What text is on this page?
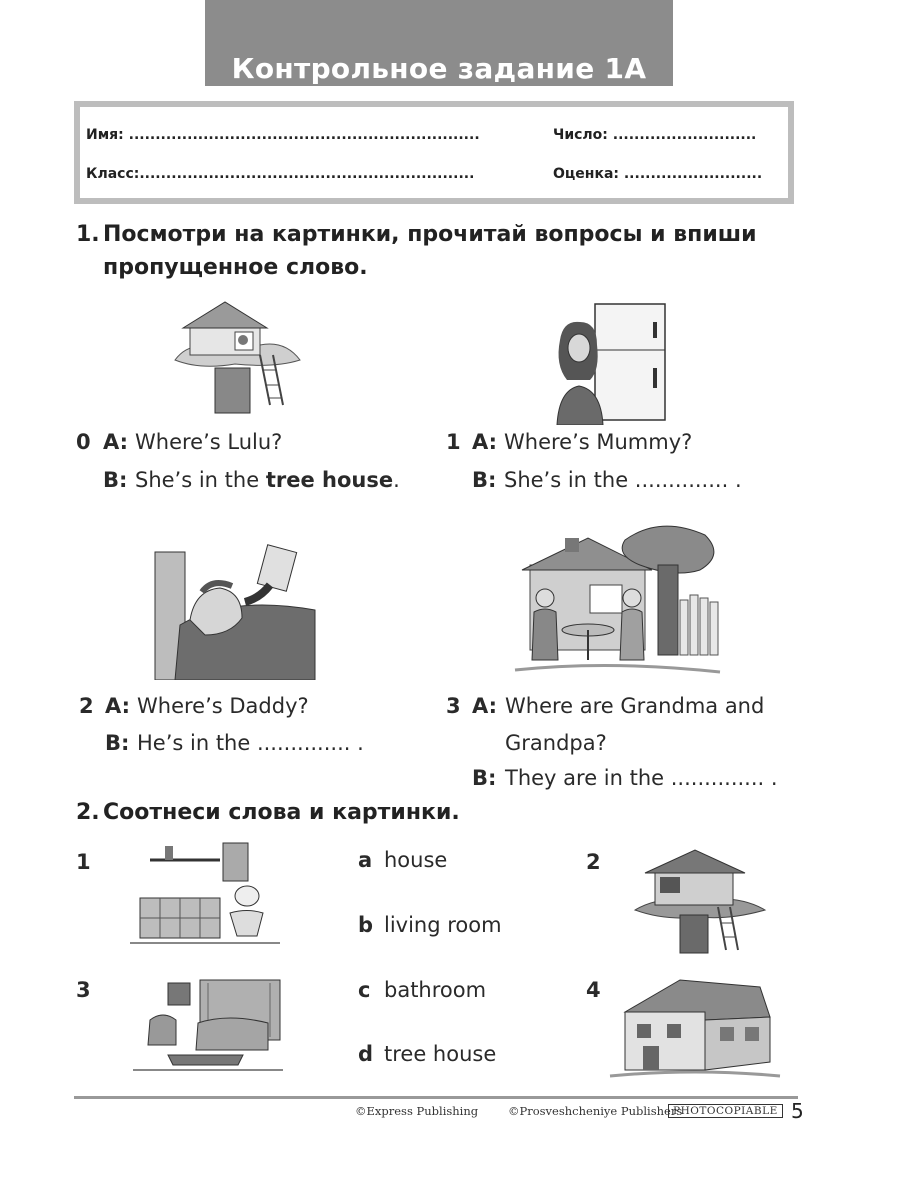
Контрольное задание 1А
Имя: ..................................................................	Число: ...........................
Класс:...............................................................	Оценка: ..........................
1. Посмотри на картинки, прочитай вопросы и впиши
пропущенное слово.
0 A: Where’s Lulu?
B: She’s in the tree house.
1 A: Where’s Mummy?
B: She’s in the .............. .
2 A: Where’s Daddy?
B: He’s in the .............. .
3 A: Where are Grandma and
Grandpa?
B: They are in the .............. .
2. Соотнеси слова и картинки.
1	2
3	4
a house
b living room
c bathroom
d tree house
©Express Publishing	©Prosveshcheniye Publishers
PHOTOCOPIABLE 5
